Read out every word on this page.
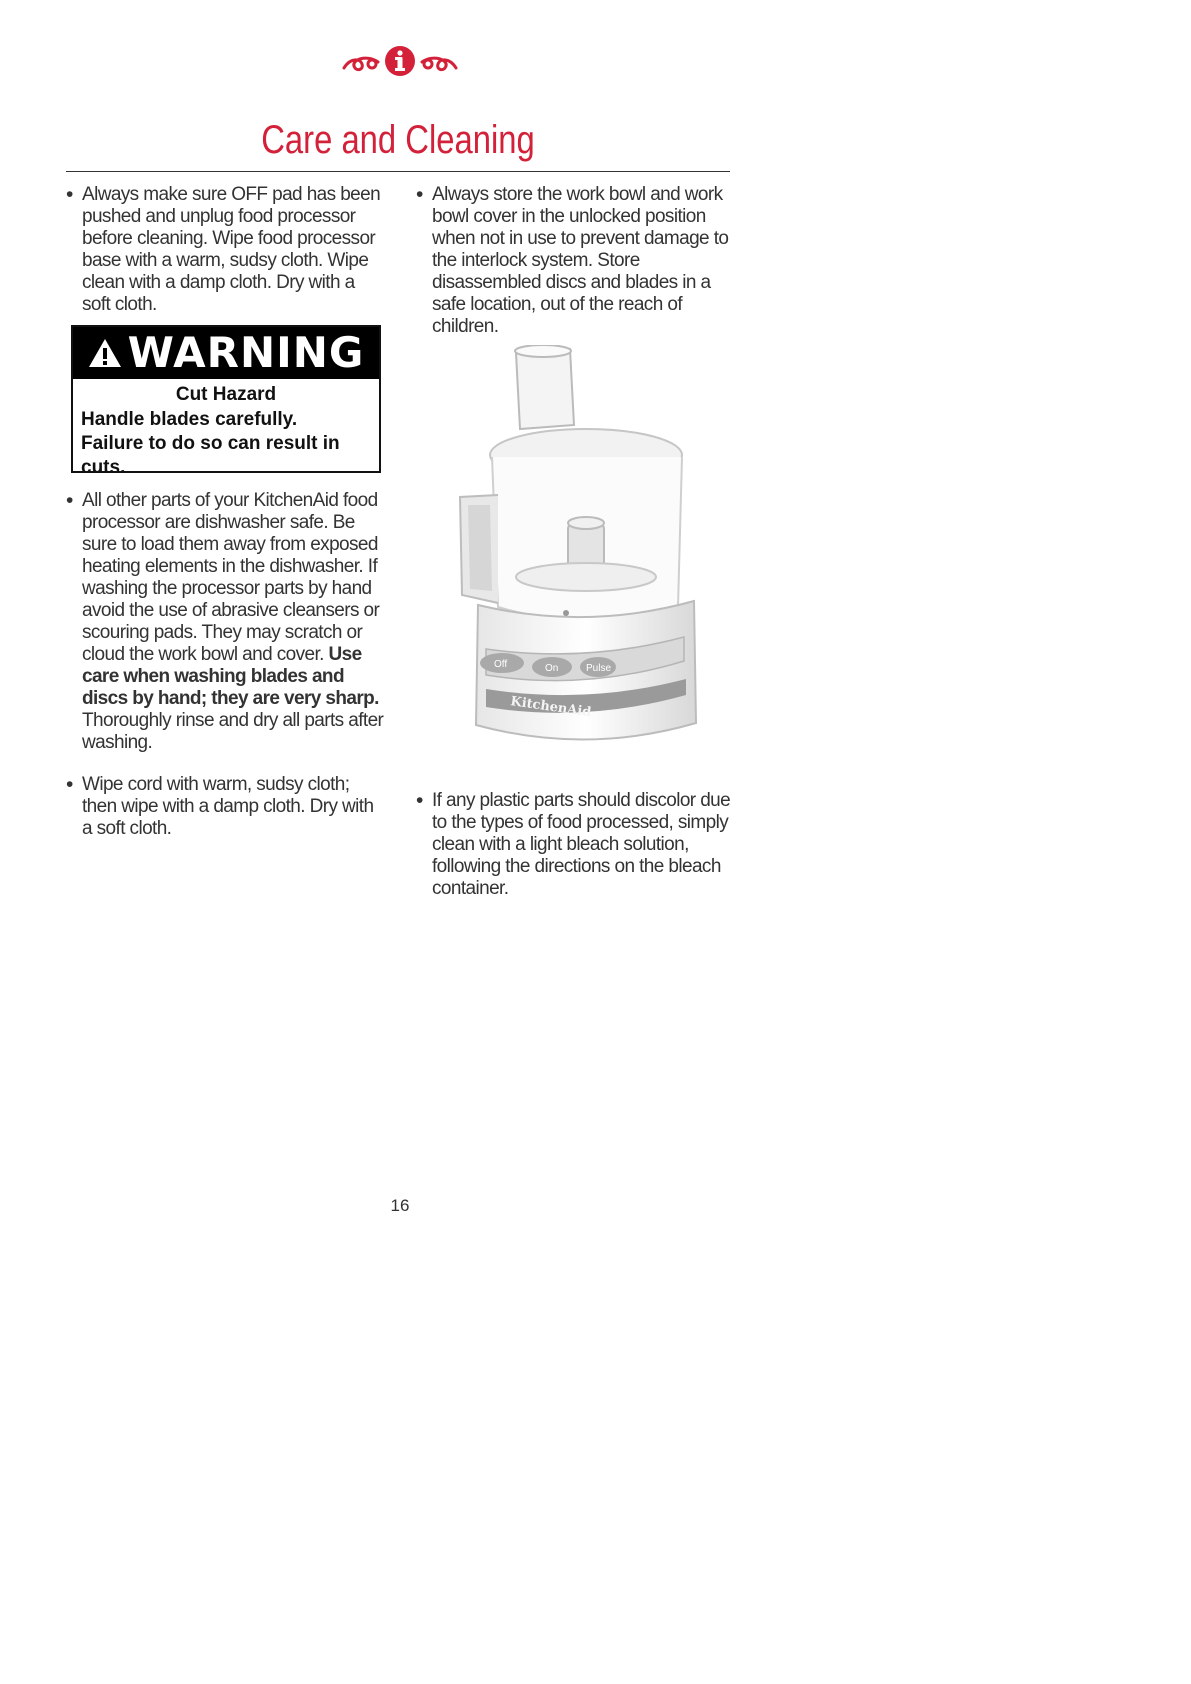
Care and Cleaning
• Always make sure OFF pad has been pushed and unplug food processor before cleaning. Wipe food processor base with a warm, sudsy cloth. Wipe clean with a damp cloth. Dry with a soft cloth.
WARNING
Cut Hazard
Handle blades carefully.
Failure to do so can result in cuts.
• All other parts of your KitchenAid food processor are dishwasher safe. Be sure to load them away from exposed heating elements in the dishwasher. If washing the processor parts by hand avoid the use of abrasive cleansers or scouring pads. They may scratch or cloud the work bowl and cover. Use care when washing blades and discs by hand; they are very sharp. Thoroughly rinse and dry all parts after washing.
• Wipe cord with warm, sudsy cloth; then wipe with a damp cloth. Dry with a soft cloth.
• Always store the work bowl and work bowl cover in the unlocked position when not in use to prevent damage to the interlock system. Store disassembled discs and blades in a safe location, out of the reach of children.
Off	On	Pulse
KitchenAid
• If any plastic parts should discolor due to the types of food processed, simply clean with a light bleach solution, following the directions on the bleach container.
16
